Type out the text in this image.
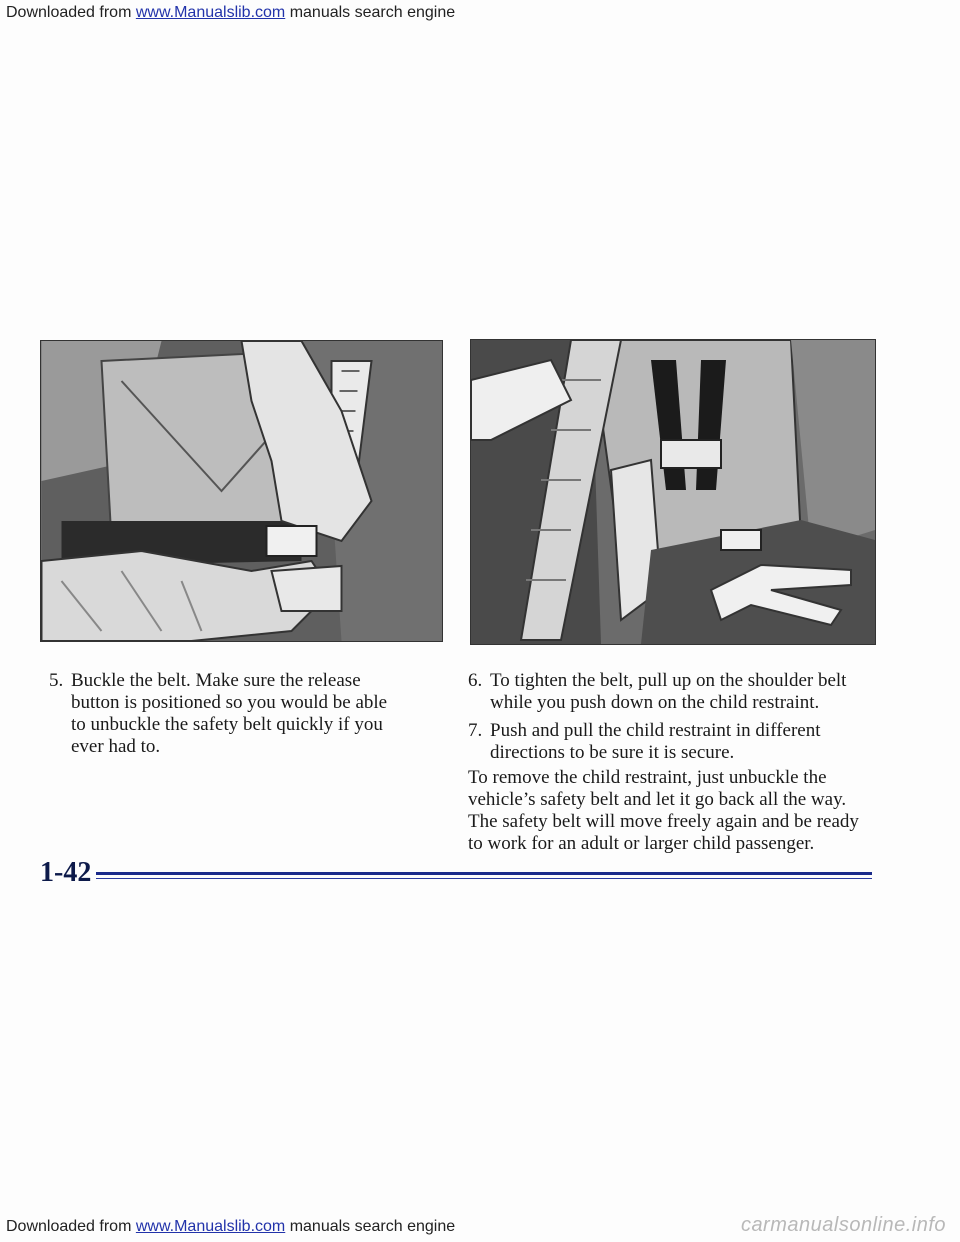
Downloaded from www.Manualslib.com manuals search engine
5. Buckle the belt. Make sure the release button is positioned so you would be able to unbuckle the safety belt quickly if you ever had to.
6. To tighten the belt, pull up on the shoulder belt while you push down on the child restraint.
7. Push and pull the child restraint in different directions to be sure it is secure.
To remove the child restraint, just unbuckle the vehicle’s safety belt and let it go back all the way. The safety belt will move freely again and be ready to work for an adult or larger child passenger.
1-42
Downloaded from www.Manualslib.com manuals search engine	carmanualsonline.info
